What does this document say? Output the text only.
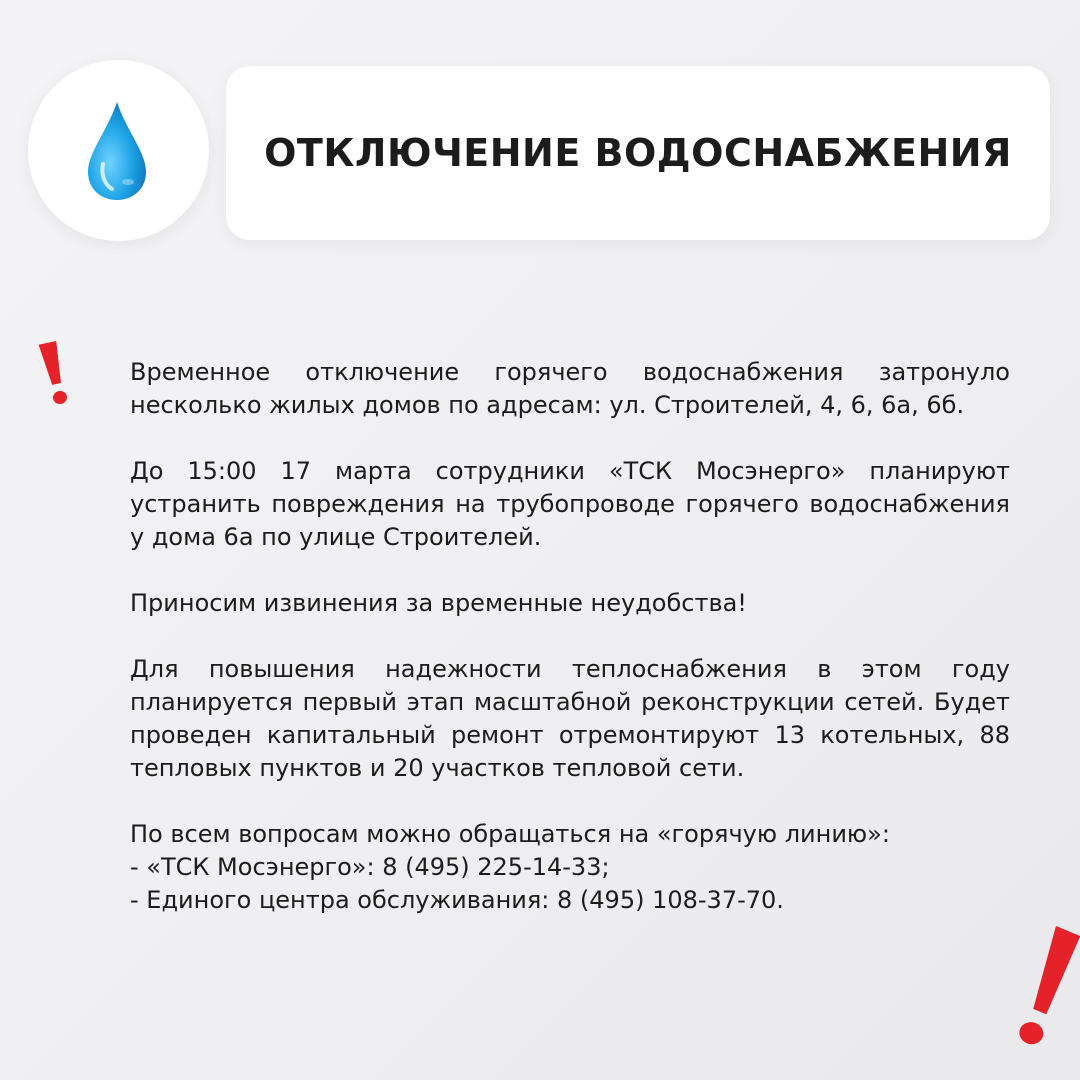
ОТКЛЮЧЕНИЕ ВОДОСНАБЖЕНИЯ

Временное отключение горячего водоснабжения затронуло несколько жилых домов по адресам: ул. Строителей, 4, 6, 6а, 6б.

До 15:00 17 марта сотрудники «ТСК Мосэнерго» планируют устранить повреждения на трубопроводе горячего водоснабжения у дома 6а по улице Строителей.

Приносим извинения за временные неудобства!

Для повышения надежности теплоснабжения в этом году планируется первый этап масштабной реконструкции сетей. Будет проведен капитальный ремонт отремонтируют 13 котельных, 88 тепловых пунктов и 20 участков тепловой сети.

По всем вопросам можно обращаться на «горячую линию»:
- «ТСК Мосэнерго»: 8 (495) 225-14-33;
- Единого центра обслуживания: 8 (495) 108-37-70.
